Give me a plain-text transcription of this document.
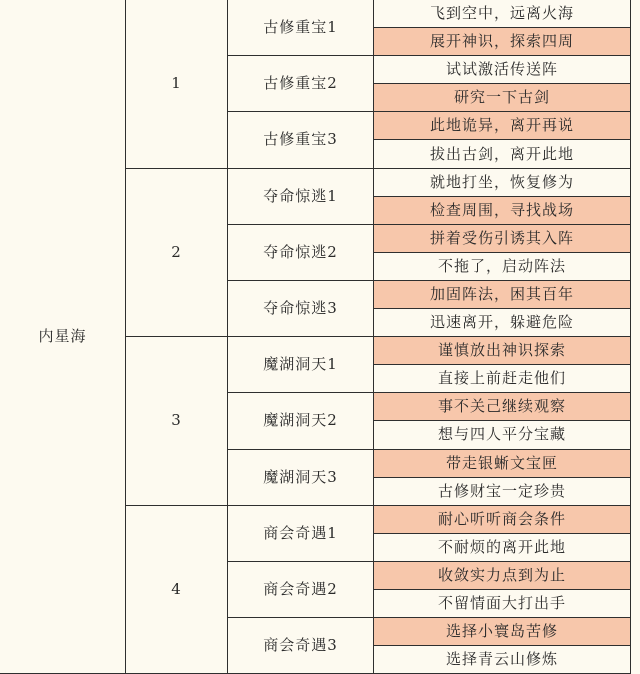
内星海	1	古修重宝1	飞到空中，远离火海
			展开神识，探索四周
		古修重宝2	试试激活传送阵
			研究一下古剑
		古修重宝3	此地诡异，离开再说
			拔出古剑，离开此地
	2	夺命惊逃1	就地打坐，恢复修为
			检查周围，寻找战场
		夺命惊逃2	拼着受伤引诱其入阵
			不拖了，启动阵法
		夺命惊逃3	加固阵法，困其百年
			迅速离开，躲避危险
	3	魔湖洞天1	谨慎放出神识探索
			直接上前赶走他们
		魔湖洞天2	事不关己继续观察
			想与四人平分宝藏
		魔湖洞天3	带走银蜥文宝匣
			古修财宝一定珍贵
	4	商会奇遇1	耐心听听商会条件
			不耐烦的离开此地
		商会奇遇2	收敛实力点到为止
			不留情面大打出手
		商会奇遇3	选择小寰岛苦修
			选择青云山修炼
